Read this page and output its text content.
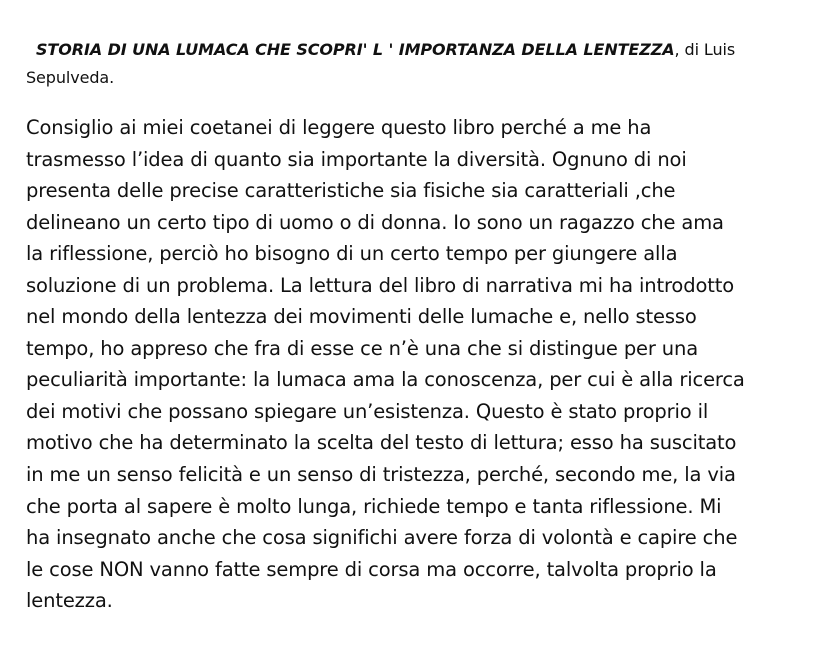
STORIA DI UNA LUMACA CHE SCOPRI' L ' IMPORTANZA DELLA LENTEZZA, di Luis
Sepulveda.
Consiglio ai miei coetanei di leggere questo libro perché a me ha
trasmesso l’idea di quanto sia importante la diversità. Ognuno di noi
presenta delle precise caratteristiche sia fisiche sia caratteriali ,che
delineano un certo tipo di uomo o di donna. Io sono un ragazzo che ama
la riflessione, perciò ho bisogno di un certo tempo per giungere alla
soluzione di un problema. La lettura del libro di narrativa mi ha introdotto
nel mondo della lentezza dei movimenti delle lumache e, nello stesso
tempo, ho appreso che fra di esse ce n’è una che si distingue per una
peculiarità importante: la lumaca ama la conoscenza, per cui è alla ricerca
dei motivi che possano spiegare un’esistenza. Questo è stato proprio il
motivo che ha determinato la scelta del testo di lettura; esso ha suscitato
in me un senso felicità e un senso di tristezza, perché, secondo me, la via
che porta al sapere è molto lunga, richiede tempo e tanta riflessione. Mi
ha insegnato anche che cosa significhi avere forza di volontà e capire che
le cose NON vanno fatte sempre di corsa ma occorre, talvolta proprio la
lentezza.
